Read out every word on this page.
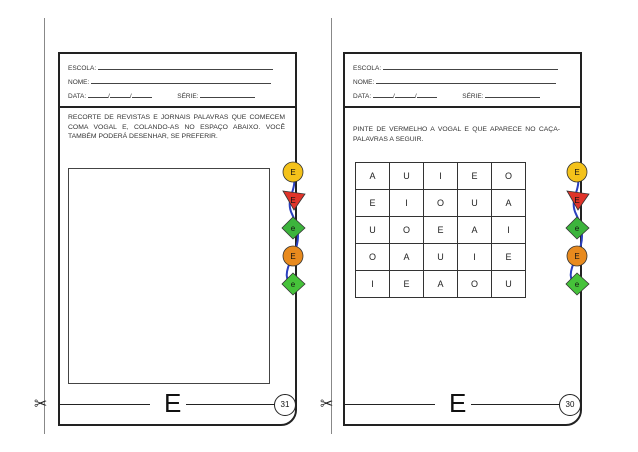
✂	✂
ESCOLA:
NOME:
DATA:	/	/	SÉRIE:
RECORTE DE REVISTAS E JORNAIS PALAVRAS QUE COMECEM COMA VOGAL E, COLANDO-AS NO ESPAÇO ABAIXO. VOCÊ TAMBÉM PODERÁ DESENHAR, SE PREFERIR.
E	31
ESCOLA:
NOME:
DATA:	/	/	SÉRIE:
PINTE DE VERMELHO A VOGAL E QUE APARECE NO CAÇA-PALAVRAS A SEGUIR.
A	U	I	E	O
E	I	O	U	A
U	O	E	A	I
O	A	U	I	E
I	E	A	O	U
E	30
E
E
e
E
e
E
E
e
E
e
